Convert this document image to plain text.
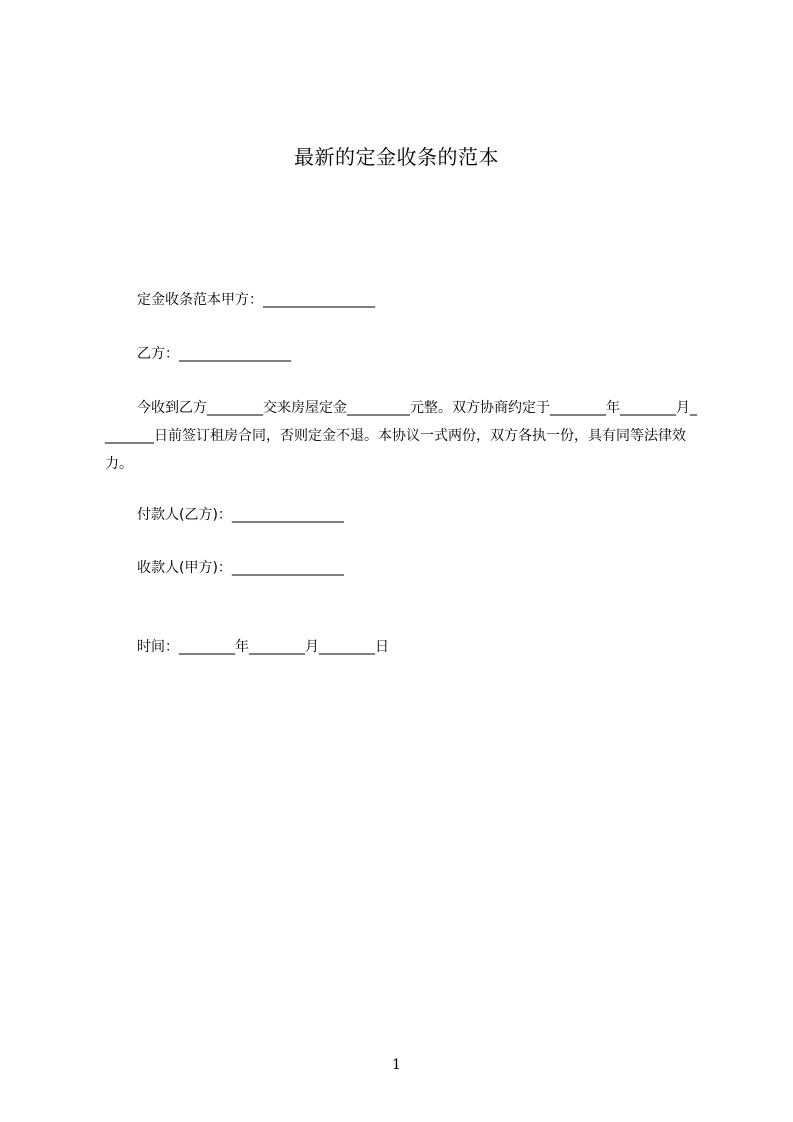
最新的定金收条的范本
定金收条范本甲方：________________
乙方：________________
今收到乙方________交来房屋定金_________元整。双方协商约定于________年________月________日前签订租房合同，否则定金不退。本协议一式两份，双方各执一份，具有同等法律效力。
付款人(乙方)：________________
收款人(甲方)：________________
时间：________年________月________日
1
